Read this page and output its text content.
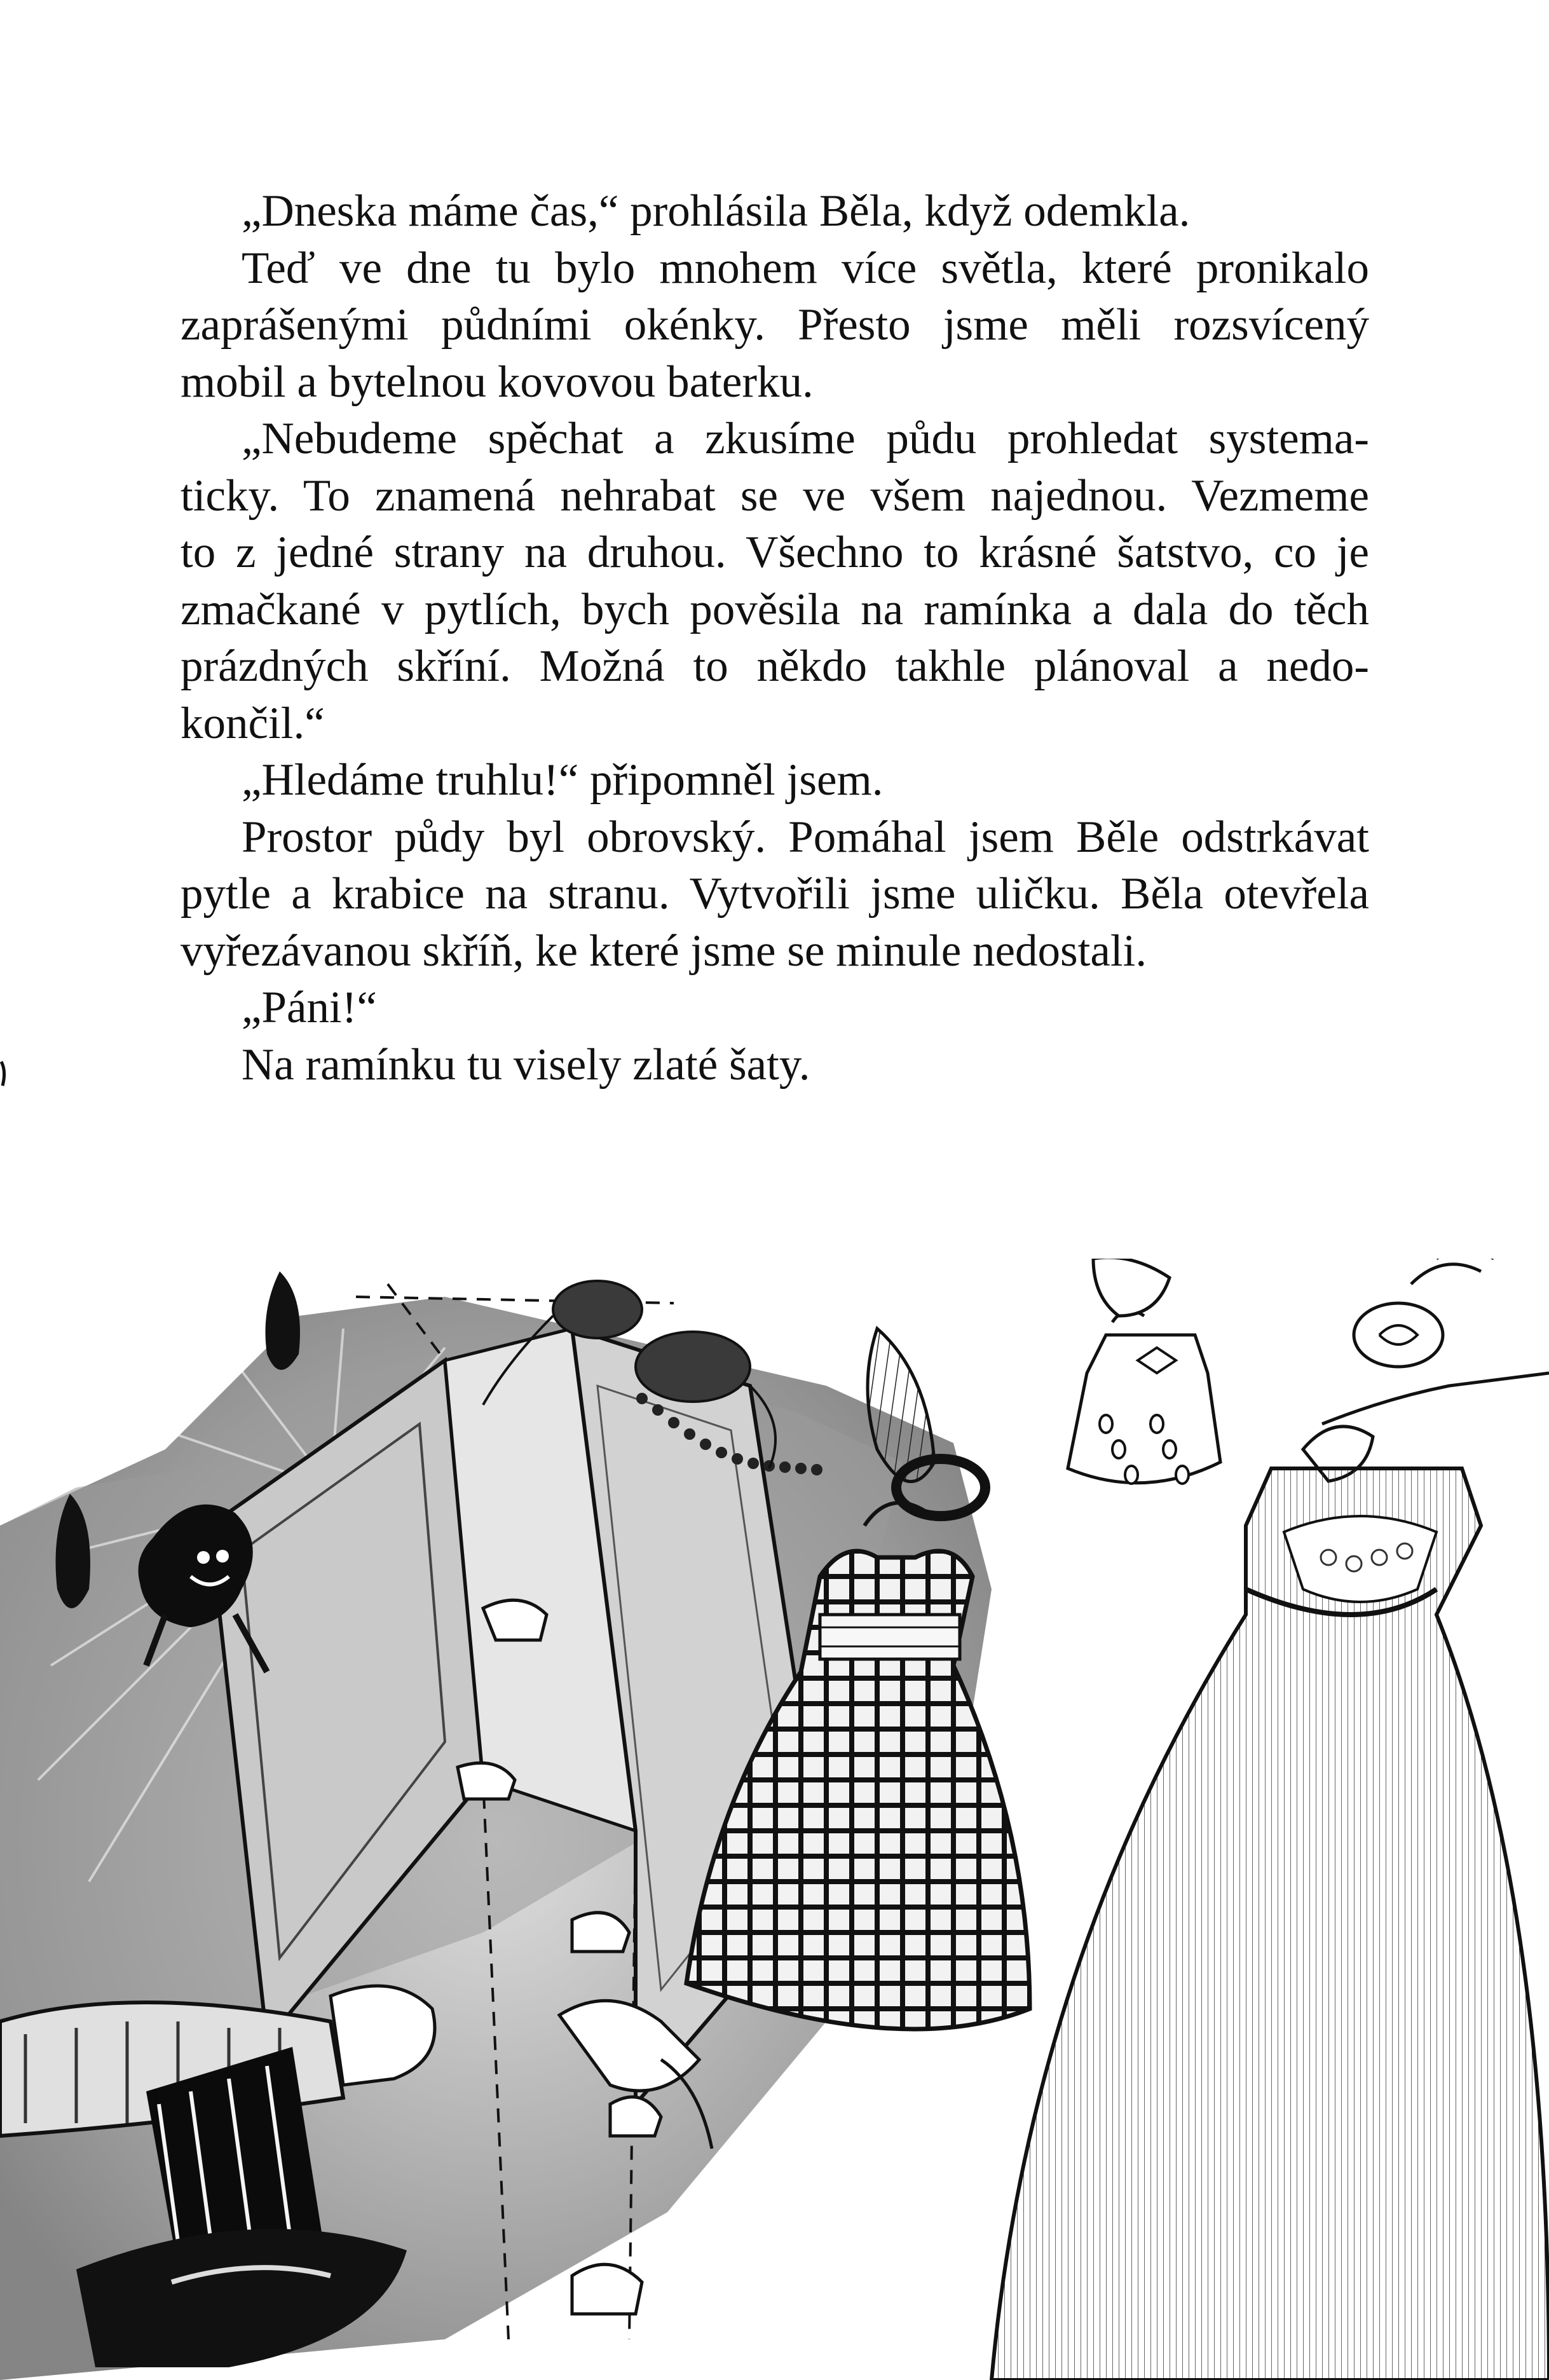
„Dneska máme čas,“ prohlásila Běla, když odemkla.

Teď ve dne tu bylo mnohem více světla, které pronikalo
zaprášenými půdními okénky. Přesto jsme měli rozsvícený
mobil a bytelnou kovovou baterku.

„Nebudeme spěchat a zkusíme půdu prohledat systema-
ticky. To znamená nehrabat se ve všem najednou. Vezmeme
to z jedné strany na druhou. Všechno to krásné šatstvo, co je
zmačkané v pytlích, bych pověsila na ramínka a dala do těch
prázdných skříní. Možná to někdo takhle plánoval a nedo-
končil.“

„Hledáme truhlu!“ připomněl jsem.

Prostor půdy byl obrovský. Pomáhal jsem Běle odstrkávat
pytle a krabice na stranu. Vytvořili jsme uličku. Běla otevřela
vyřezávanou skříň, ke které jsme se minule nedostali.

„Páni!“

Na ramínku tu visely zlaté šaty.
